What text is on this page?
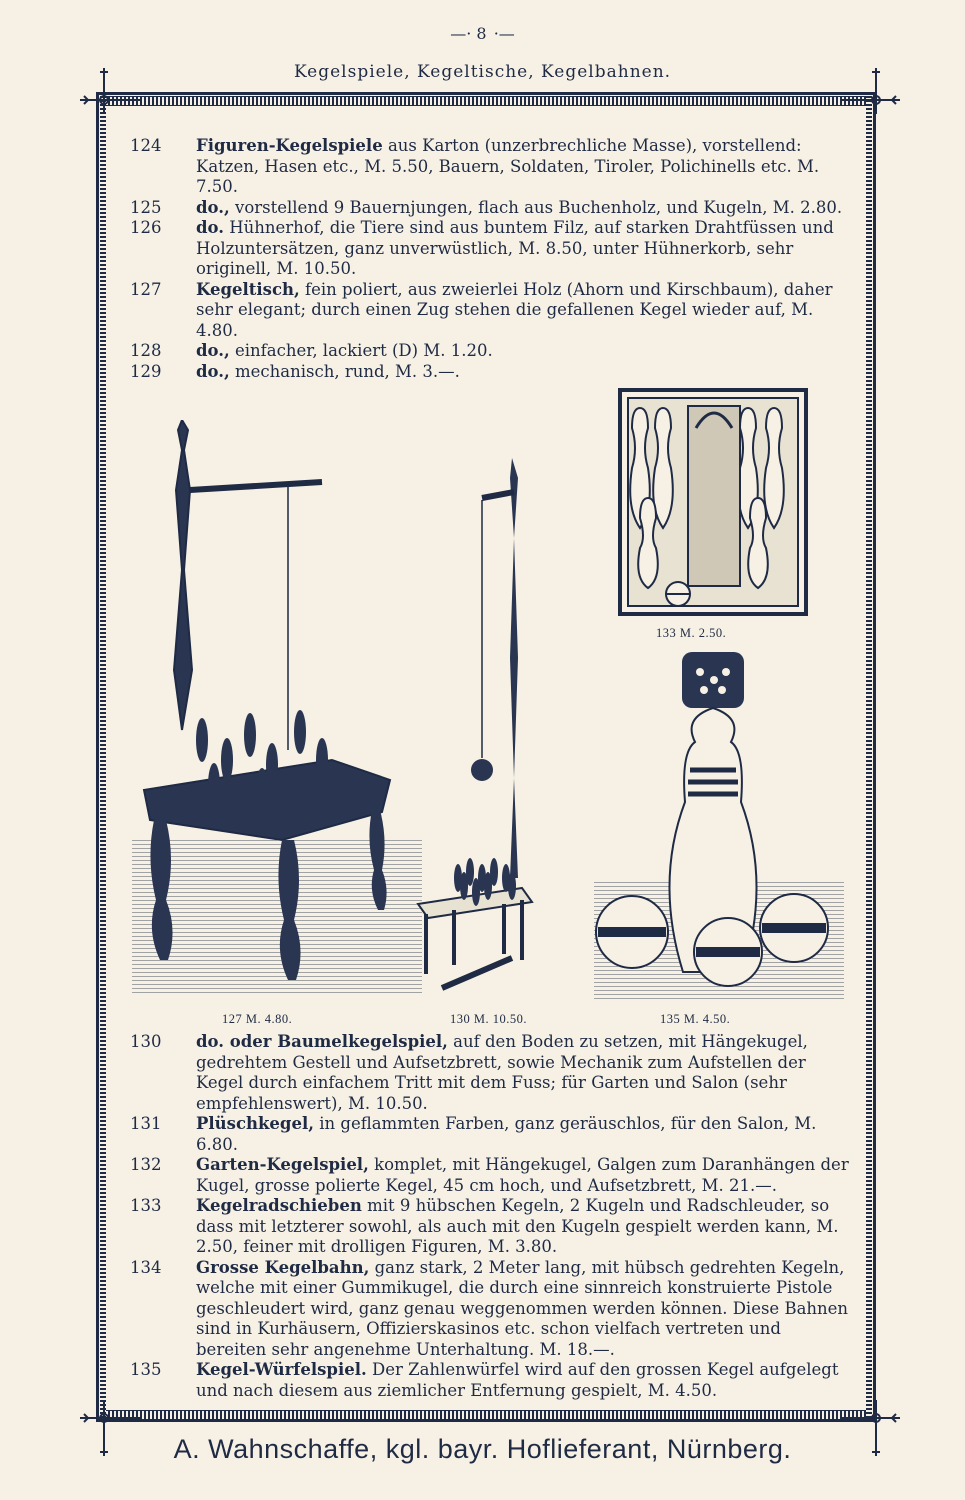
—· 8 ·—
Kegelspiele, Kegeltische, Kegelbahnen.

124	Figuren-Kegelspiele aus Karton (unzerbrechliche Masse), vorstellend: Katzen, Hasen etc., M. 5.50, Bauern, Soldaten, Tiroler, Polichinells etc. M. 7.50.

125	do., vorstellend 9 Bauernjungen, flach aus Buchenholz, und Kugeln, M. 2.80.

126	do. Hühnerhof, die Tiere sind aus buntem Filz, auf starken Drahtfüssen und Holzuntersätzen, ganz unverwüstlich, M. 8.50, unter Hühnerkorb, sehr originell, M. 10.50.

127	Kegeltisch, fein poliert, aus zweierlei Holz (Ahorn und Kirschbaum), daher sehr elegant; durch einen Zug stehen die gefallenen Kegel wieder auf, M. 4.80.

128	do., einfacher, lackiert (D) M. 1.20.

129	do., mechanisch, rund, M. 3.—.

133 M. 2.50.
127 M. 4.80.	130 M. 10.50.	135 M. 4.50.

130	do. oder Baumelkegelspiel, auf den Boden zu setzen, mit Hängekugel, gedrehtem Gestell und Aufsetzbrett, sowie Mechanik zum Aufstellen der Kegel durch einfachem Tritt mit dem Fuss; für Garten und Salon (sehr empfehlenswert), M. 10.50.

131	Plüschkegel, in geflammten Farben, ganz geräuschlos, für den Salon, M. 6.80.

132	Garten-Kegelspiel, komplet, mit Hängekugel, Galgen zum Daranhängen der Kugel, grosse polierte Kegel, 45 cm hoch, und Aufsetzbrett, M. 21.—.

133	Kegelradschieben mit 9 hübschen Kegeln, 2 Kugeln und Radschleuder, so dass mit letzterer sowohl, als auch mit den Kugeln gespielt werden kann, M. 2.50, feiner mit drolligen Figuren, M. 3.80.

134	Grosse Kegelbahn, ganz stark, 2 Meter lang, mit hübsch gedrehten Kegeln, welche mit einer Gummikugel, die durch eine sinnreich konstruierte Pistole geschleudert wird, ganz genau weggenommen werden können. Diese Bahnen sind in Kurhäusern, Offizierskasinos etc. schon vielfach vertreten und bereiten sehr angenehme Unterhaltung. M. 18.—.

135	Kegel-Würfelspiel. Der Zahlenwürfel wird auf den grossen Kegel aufgelegt und nach diesem aus ziemlicher Entfernung gespielt, M. 4.50.

A. Wahnschaffe, kgl. bayr. Hoflieferant, Nürnberg.
